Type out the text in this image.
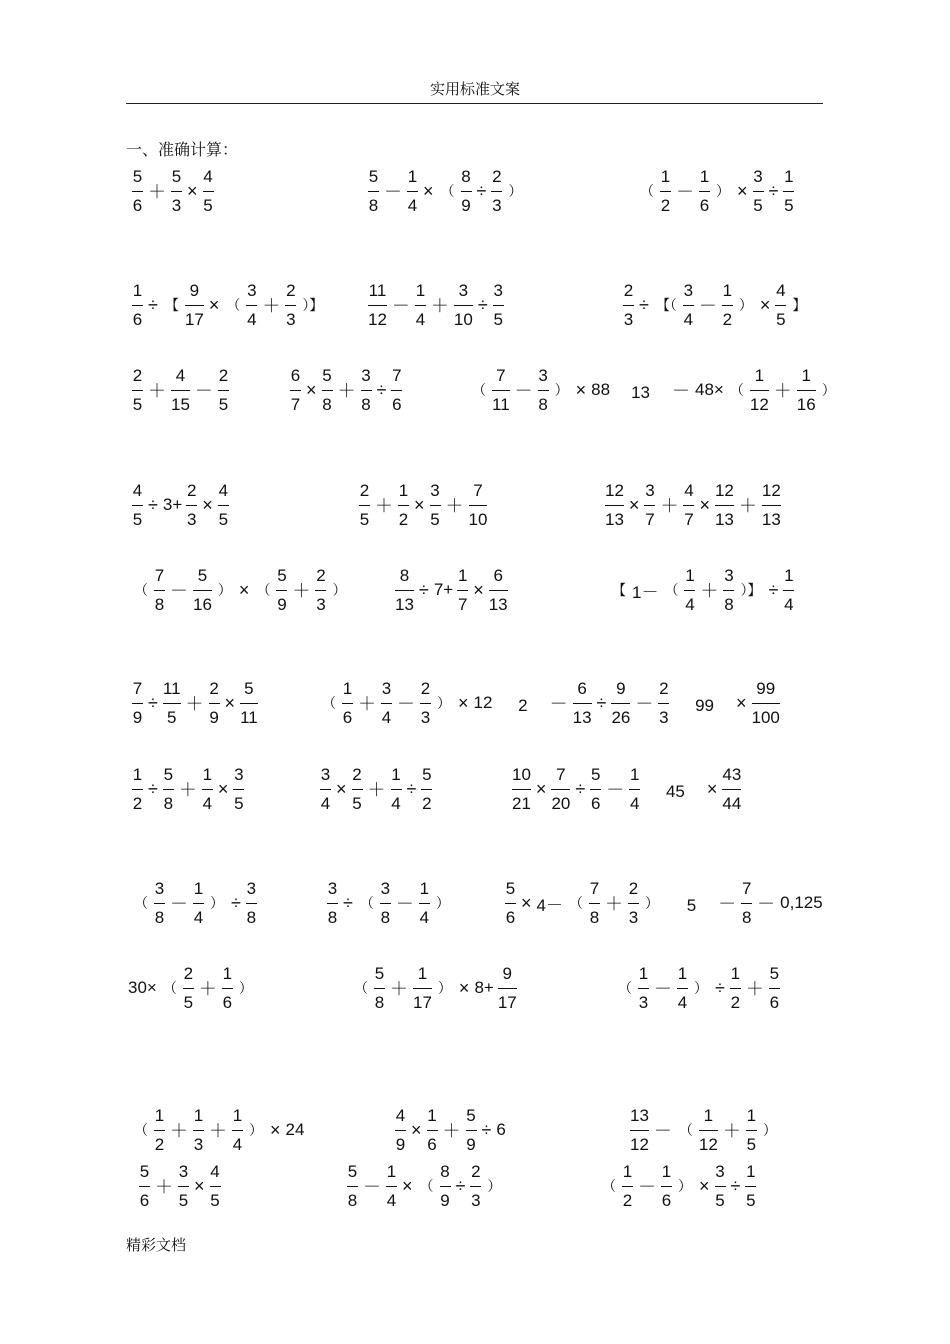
实用标准文案
一、准确计算：
5
6
＋
5
3
×
4
5
5
8
－
1
4
× （
8
9
÷
2
3
）	（
1
2
－
1
6
） ×
3
5
÷
1
5
1
6
÷ 【
9
17
× （
3
4
＋
2
3
）】
11
12
－
1
4
＋
3
10
÷
3
5
2
3
÷ 【（
3
4
－
1
2
） ×
4
5
】
2
5
＋
4
15
－
2
5
6
7
×
5
8
＋
3
8
÷
7
6
（
7
11
－
3
8
） × 88 　13　 － 48× （
1
12
＋
1
16
）
4
5
÷ 3+
2
3
×
4
5
2
5
＋
1
2
×
3
5
＋
7
10
12
13
×
3
7
＋
4
7
×
12
13
＋
12
13
（
7
8
－
5
16
） × （
5
9
＋
2
3
）
8
13
÷ 7+
1
7
×
6
13
【 1－ （
1
4
＋
3
8
）】 ÷
1
4
7
9
÷
11
5
＋
2
9
×
5
11
（
1
6
＋
3
4
－
2
3
） × 12 　 2　 －
6
13
÷
9
26
－
2
3
　 99　 ×
99
100
1
2
÷
5
8
＋
1
4
×
3
5
3
4
×
2
5
＋
1
4
÷
5
2
10
21
×
7
20
÷
5
6
－
1
4
　 45　 ×
43
44
（
3
8
－
1
4
） ÷
3
8
3
8
÷ （
3
8
－
1
4
）
5
6
× 4－ （
7
8
＋
2
3
） 　 5　 －
7
8
－ 0,125
30× （
2
5
＋
1
6
）	（
5
8
＋
1
17
） × 8+
9
17
（
1
3
－
1
4
） ÷
1
2
＋
5
6
（
1
2
＋
1
3
＋
1
4
） × 24
4
9
×
1
6
＋
5
9
÷ 6
13
12
－ （
1
12
＋
1
5
）
5
6
＋
3
5
×
4
5
5
8
－
1
4
× （
8
9
÷
2
3
）	（
1
2
－
1
6
） ×
3
5
÷
1
5
精彩文档
